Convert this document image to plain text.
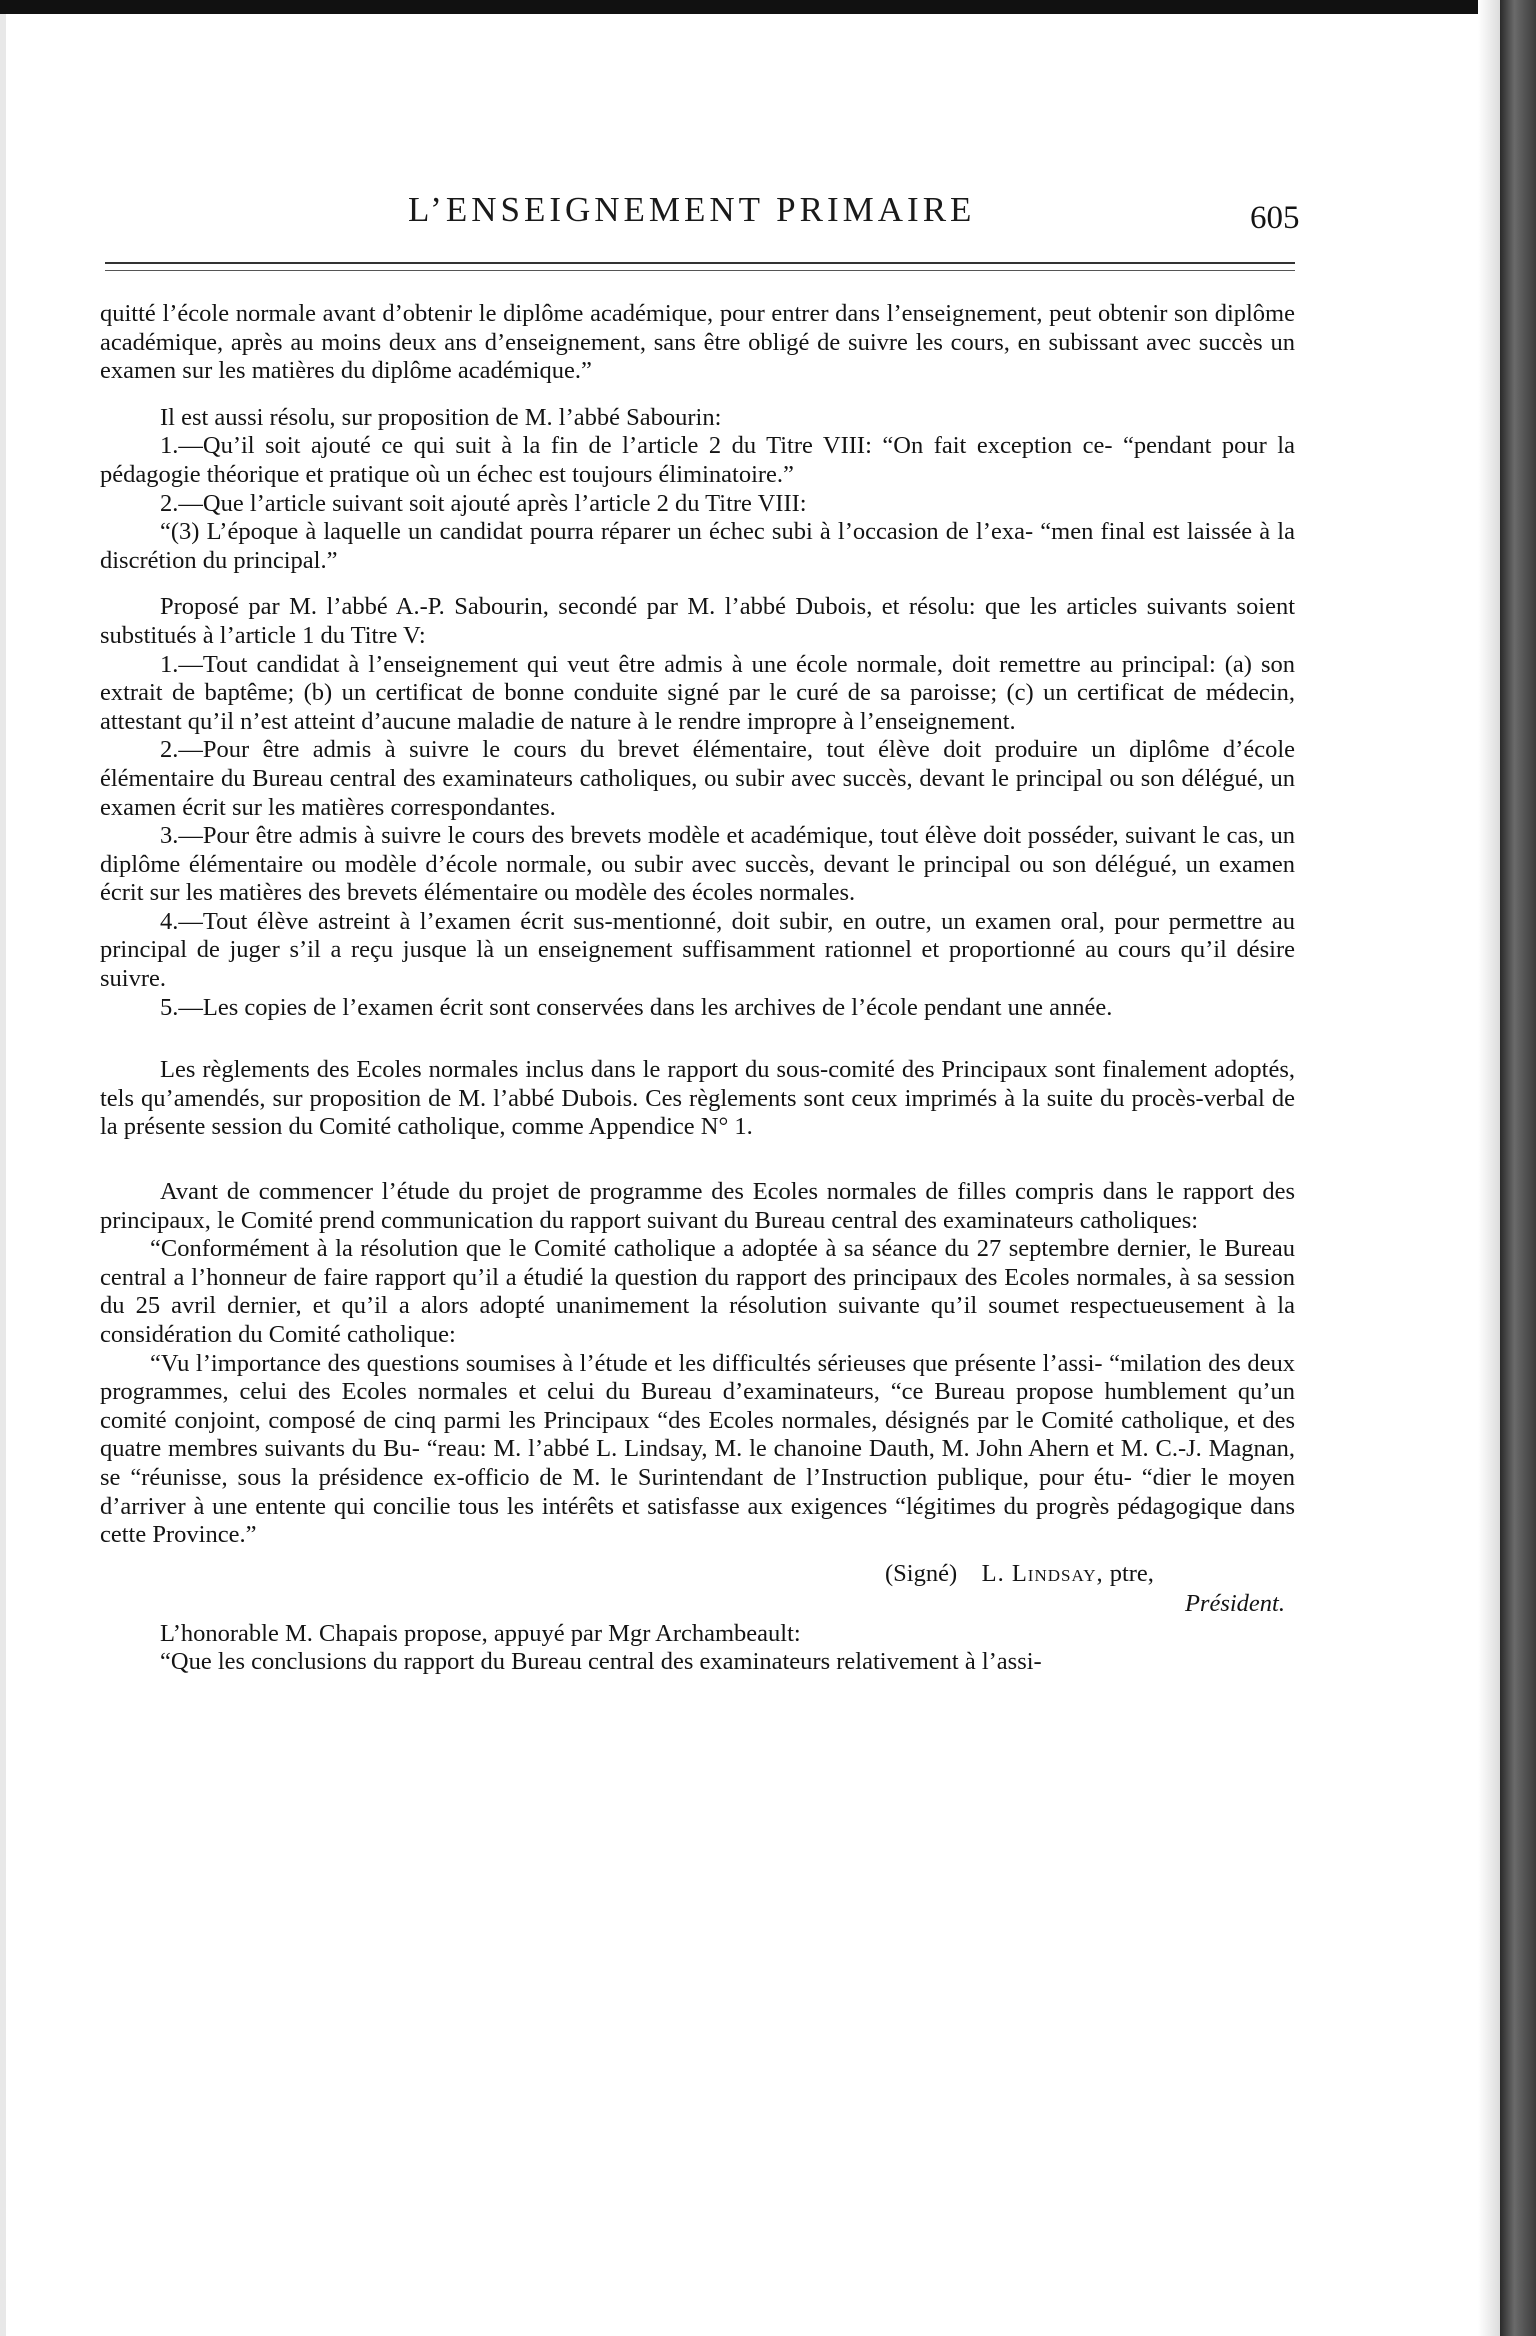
L’ENSEIGNEMENT PRIMAIRE	605

quitté l’école normale avant d’obtenir le diplôme académique, pour entrer dans l’enseignement, peut obtenir son diplôme académique, après au moins deux ans d’enseignement, sans être obligé de suivre les cours, en subissant avec succès un examen sur les matières du diplôme académique.”

Il est aussi résolu, sur proposition de M. l’abbé Sabourin:

1.—Qu’il soit ajouté ce qui suit à la fin de l’article 2 du Titre VIII: “On fait exception ce- “pendant pour la pédagogie théorique et pratique où un échec est toujours éliminatoire.”

2.—Que l’article suivant soit ajouté après l’article 2 du Titre VIII:

“(3) L’époque à laquelle un candidat pourra réparer un échec subi à l’occasion de l’exa- “men final est laissée à la discrétion du principal.”

Proposé par M. l’abbé A.-P. Sabourin, secondé par M. l’abbé Dubois, et résolu: que les articles suivants soient substitués à l’article 1 du Titre V:

1.—Tout candidat à l’enseignement qui veut être admis à une école normale, doit remettre au principal: (a) son extrait de baptême; (b) un certificat de bonne conduite signé par le curé de sa paroisse; (c) un certificat de médecin, attestant qu’il n’est atteint d’aucune maladie de nature à le rendre impropre à l’enseignement.

2.—Pour être admis à suivre le cours du brevet élémentaire, tout élève doit produire un diplôme d’école élémentaire du Bureau central des examinateurs catholiques, ou subir avec succès, devant le principal ou son délégué, un examen écrit sur les matières correspondantes.

3.—Pour être admis à suivre le cours des brevets modèle et académique, tout élève doit posséder, suivant le cas, un diplôme élémentaire ou modèle d’école normale, ou subir avec succès, devant le principal ou son délégué, un examen écrit sur les matières des brevets élémentaire ou modèle des écoles normales.

4.—Tout élève astreint à l’examen écrit sus-mentionné, doit subir, en outre, un examen oral, pour permettre au principal de juger s’il a reçu jusque là un enseignement suffisamment rationnel et proportionné au cours qu’il désire suivre.

5.—Les copies de l’examen écrit sont conservées dans les archives de l’école pendant une année.

Les règlements des Ecoles normales inclus dans le rapport du sous-comité des Principaux sont finalement adoptés, tels qu’amendés, sur proposition de M. l’abbé Dubois. Ces règlements sont ceux imprimés à la suite du procès-verbal de la présente session du Comité catholique, comme Appendice N° 1.

Avant de commencer l’étude du projet de programme des Ecoles normales de filles compris dans le rapport des principaux, le Comité prend communication du rapport suivant du Bureau central des examinateurs catholiques:

“Conformément à la résolution que le Comité catholique a adoptée à sa séance du 27 septembre dernier, le Bureau central a l’honneur de faire rapport qu’il a étudié la question du rapport des principaux des Ecoles normales, à sa session du 25 avril dernier, et qu’il a alors adopté unanimement la résolution suivante qu’il soumet respectueusement à la considération du Comité catholique:

“Vu l’importance des questions soumises à l’étude et les difficultés sérieuses que présente l’assi- “milation des deux programmes, celui des Ecoles normales et celui du Bureau d’examinateurs, “ce Bureau propose humblement qu’un comité conjoint, composé de cinq parmi les Principaux “des Ecoles normales, désignés par le Comité catholique, et des quatre membres suivants du Bu- “reau: M. l’abbé L. Lindsay, M. le chanoine Dauth, M. John Ahern et M. C.-J. Magnan, se “réunisse, sous la présidence ex-officio de M. le Surintendant de l’Instruction publique, pour étu- “dier le moyen d’arriver à une entente qui concilie tous les intérêts et satisfasse aux exigences “légitimes du progrès pédagogique dans cette Province.”

(Signé) L. Lindsay, ptre,
Président.

L’honorable M. Chapais propose, appuyé par Mgr Archambeault:

“Que les conclusions du rapport du Bureau central des examinateurs relativement à l’assi-
